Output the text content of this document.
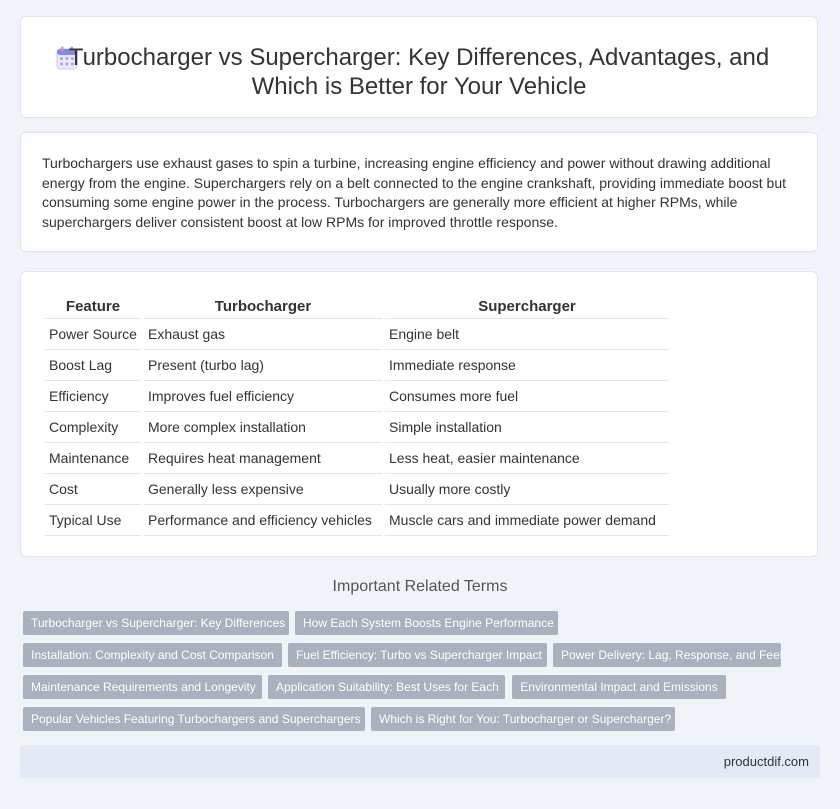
Turbocharger vs Supercharger: Key Differences, Advantages, and
Which is Better for Your Vehicle

Turbochargers use exhaust gases to spin a turbine, increasing engine efficiency and power without drawing additional energy from the engine. Superchargers rely on a belt connected to the engine crankshaft, providing immediate boost but consuming some engine power in the process. Turbochargers are generally more efficient at higher RPMs, while superchargers deliver consistent boost at low RPMs for improved throttle response.

Feature	Turbocharger	Supercharger
Power Source	Exhaust gas	Engine belt
Boost Lag	Present (turbo lag)	Immediate response
Efficiency	Improves fuel efficiency	Consumes more fuel
Complexity	More complex installation	Simple installation
Maintenance	Requires heat management	Less heat, easier maintenance
Cost	Generally less expensive	Usually more costly
Typical Use	Performance and efficiency vehicles	Muscle cars and immediate power demand
Important Related Terms
Turbocharger vs Supercharger: Key Differences	How Each System Boosts Engine Performance
Installation: Complexity and Cost Comparison	Fuel Efficiency: Turbo vs Supercharger Impact	Power Delivery: Lag, Response, and Feel
Maintenance Requirements and Longevity	Application Suitability: Best Uses for Each	Environmental Impact and Emissions
Popular Vehicles Featuring Turbochargers and Superchargers	Which is Right for You: Turbocharger or Supercharger?
productdif.com
